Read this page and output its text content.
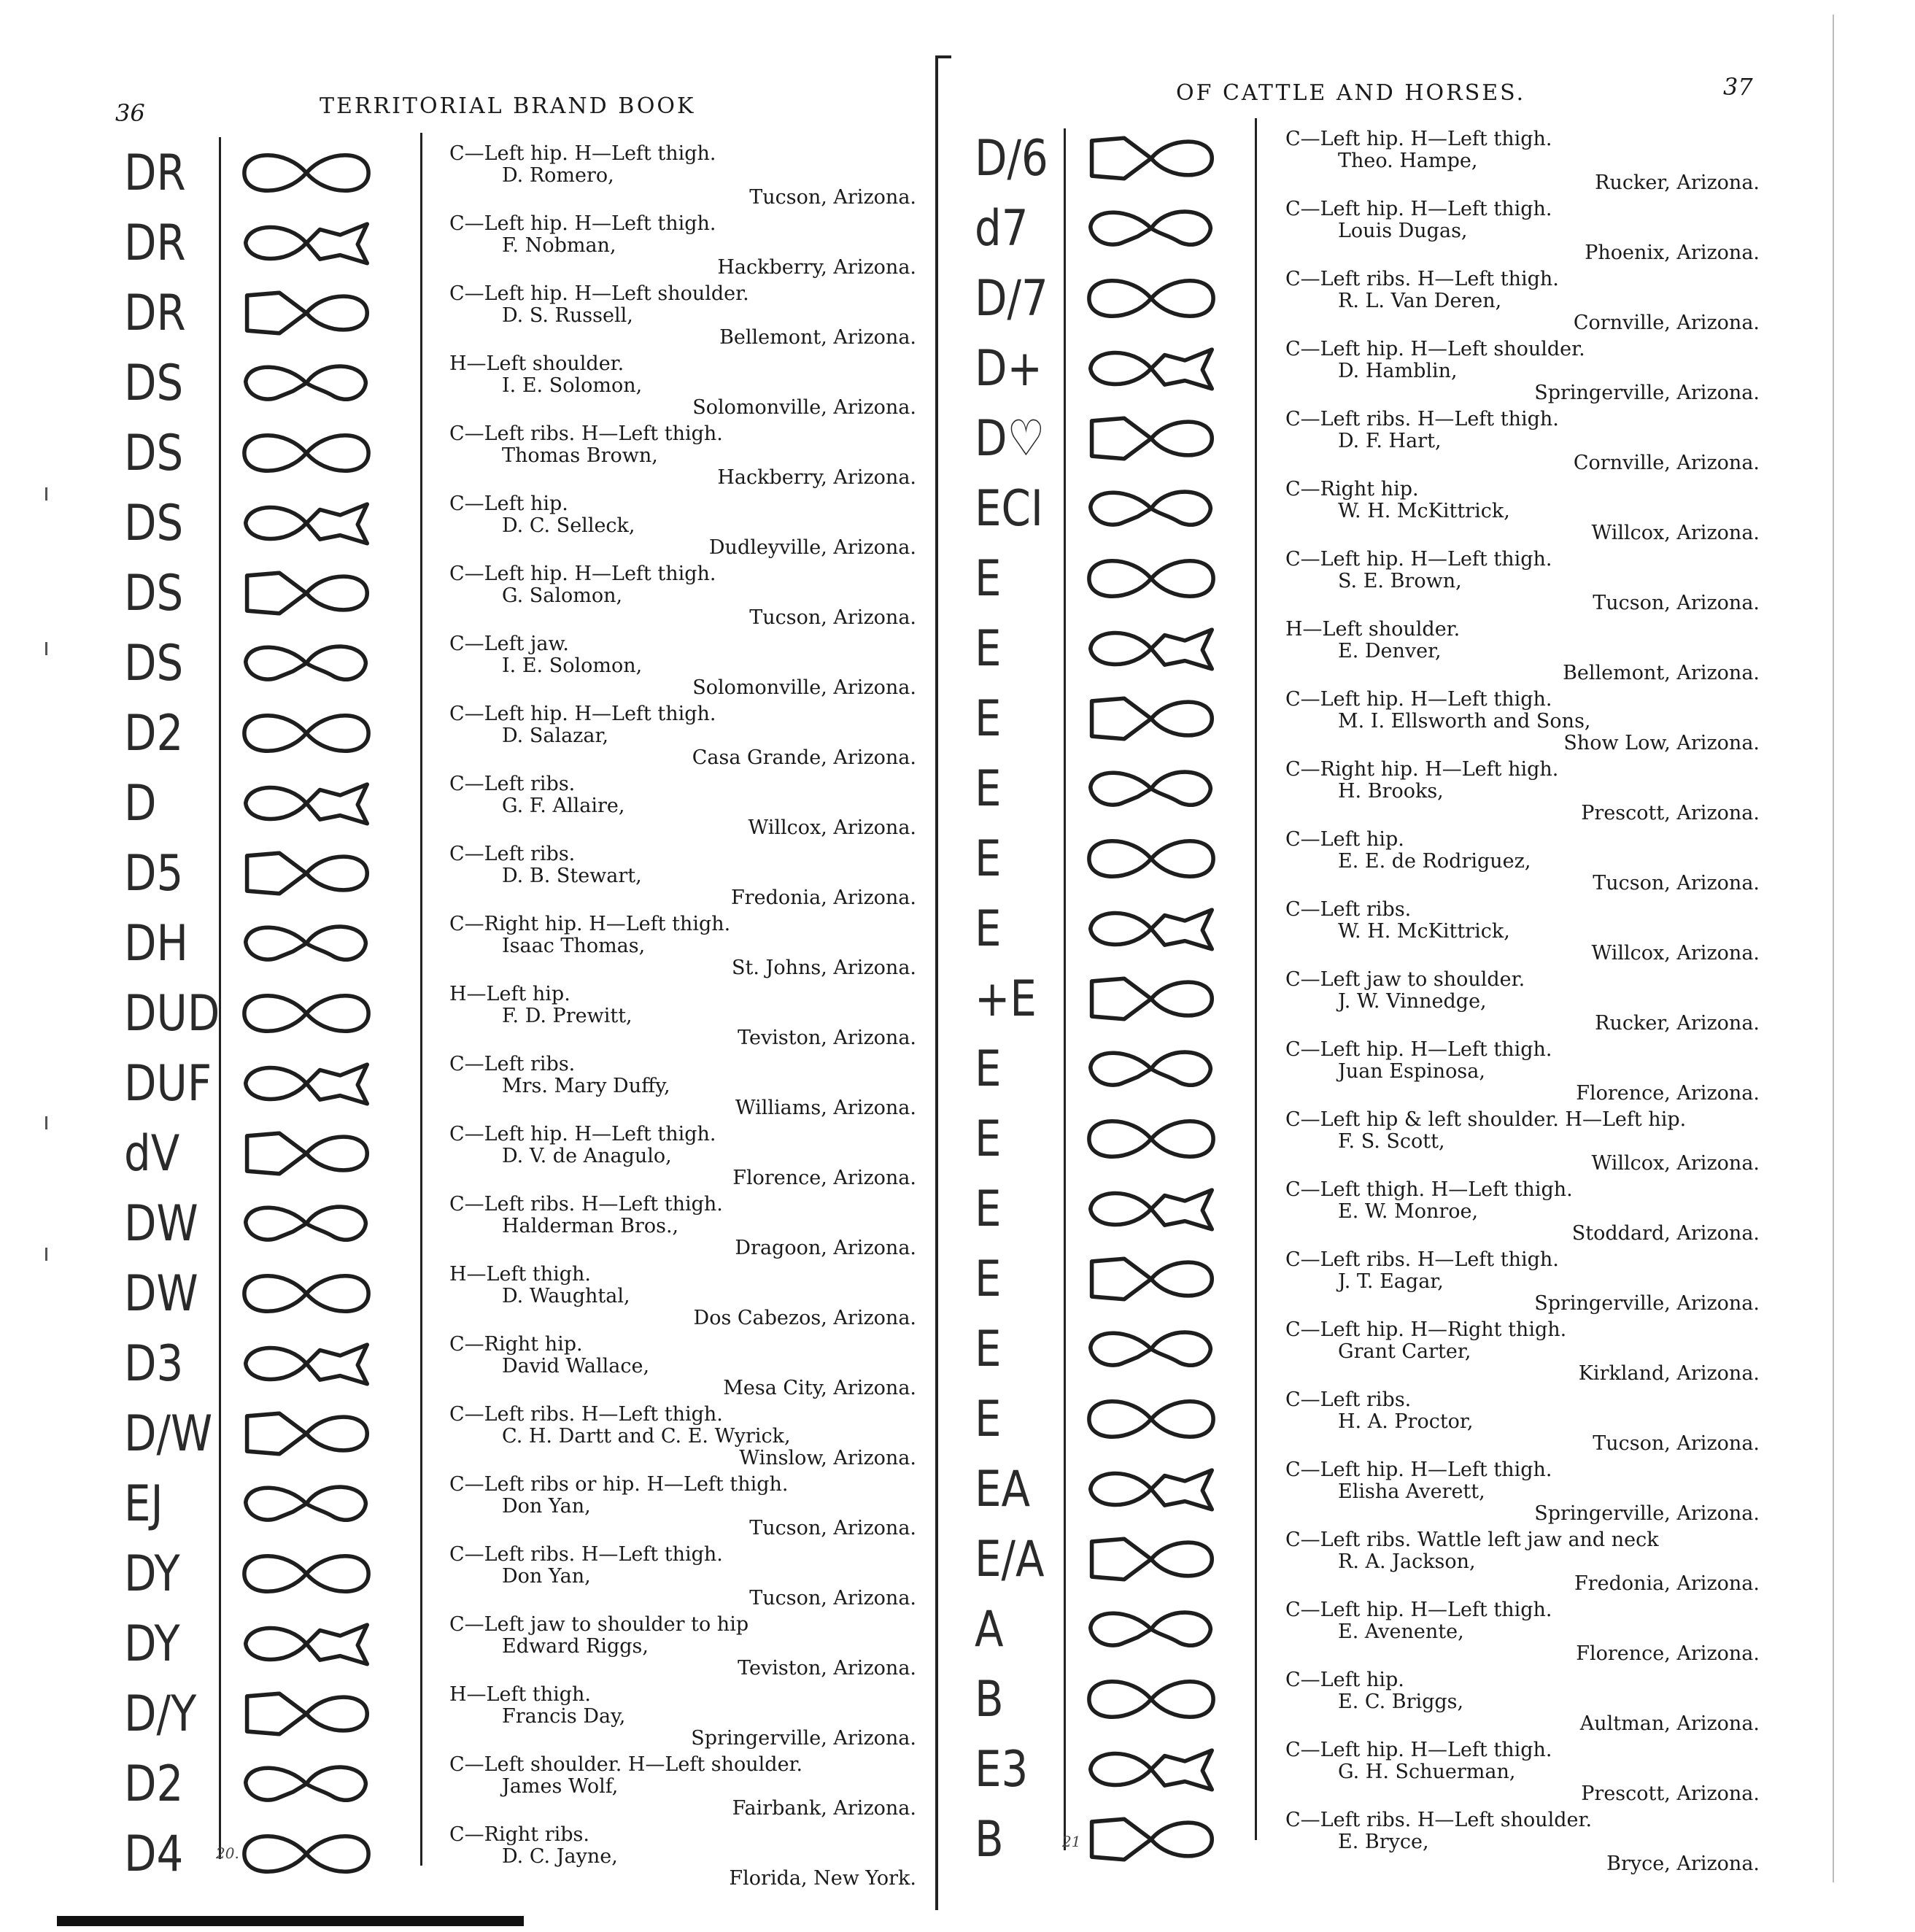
36	TERRITORIAL BRAND BOOK
OF CATTLE AND HORSES.	37
DR	C—Left hip. H—Left thigh.
D. Romero,
Tucson, Arizona.
DR	C—Left hip. H—Left thigh.
F. Nobman,
Hackberry, Arizona.
DR	C—Left hip. H—Left shoulder.
D. S. Russell,
Bellemont, Arizona.
DS	H—Left shoulder.
I. E. Solomon,
Solomonville, Arizona.
DS	C—Left ribs. H—Left thigh.
Thomas Brown,
Hackberry, Arizona.
DS	C—Left hip.
D. C. Selleck,
Dudleyville, Arizona.
DS	C—Left hip. H—Left thigh.
G. Salomon,
Tucson, Arizona.
DS	C—Left jaw.
I. E. Solomon,
Solomonville, Arizona.
D2	C—Left hip. H—Left thigh.
D. Salazar,
Casa Grande, Arizona.
D	C—Left ribs.
G. F. Allaire,
Willcox, Arizona.
D5	C—Left ribs.
D. B. Stewart,
Fredonia, Arizona.
DH	C—Right hip. H—Left thigh.
Isaac Thomas,
St. Johns, Arizona.
DUD	H—Left hip.
F. D. Prewitt,
Teviston, Arizona.
DUF	C—Left ribs.
Mrs. Mary Duffy,
Williams, Arizona.
dV	C—Left hip. H—Left thigh.
D. V. de Anagulo,
Florence, Arizona.
DW	C—Left ribs. H—Left thigh.
Halderman Bros.,
Dragoon, Arizona.
DW	H—Left thigh.
D. Waughtal,
Dos Cabezos, Arizona.
D3	C—Right hip.
David Wallace,
Mesa City, Arizona.
D/W	C—Left ribs. H—Left thigh.
C. H. Dartt and C. E. Wyrick,
Winslow, Arizona.
EJ	C—Left ribs or hip. H—Left thigh.
Don Yan,
Tucson, Arizona.
DY	C—Left ribs. H—Left thigh.
Don Yan,
Tucson, Arizona.
DY	C—Left jaw to shoulder to hip
Edward Riggs,
Teviston, Arizona.
D/Y	H—Left thigh.
Francis Day,
Springerville, Arizona.
D2	C—Left shoulder. H—Left shoulder.
James Wolf,
Fairbank, Arizona.
D4	C—Right ribs.
D. C. Jayne,
Florida, New York.
D/6	C—Left hip. H—Left thigh.
Theo. Hampe,
Rucker, Arizona.
d7	C—Left hip. H—Left thigh.
Louis Dugas,
Phoenix, Arizona.
D/7	C—Left ribs. H—Left thigh.
R. L. Van Deren,
Cornville, Arizona.
D+	C—Left hip. H—Left shoulder.
D. Hamblin,
Springerville, Arizona.
D♡	C—Left ribs. H—Left thigh.
D. F. Hart,
Cornville, Arizona.
ECI	C—Right hip.
W. H. McKittrick,
Willcox, Arizona.
E	C—Left hip. H—Left thigh.
S. E. Brown,
Tucson, Arizona.
E	H—Left shoulder.
E. Denver,
Bellemont, Arizona.
E	C—Left hip. H—Left thigh.
M. I. Ellsworth and Sons,
Show Low, Arizona.
E	C—Right hip. H—Left high.
H. Brooks,
Prescott, Arizona.
E	C—Left hip.
E. E. de Rodriguez,
Tucson, Arizona.
E	C—Left ribs.
W. H. McKittrick,
Willcox, Arizona.
+E	C—Left jaw to shoulder.
J. W. Vinnedge,
Rucker, Arizona.
E	C—Left hip. H—Left thigh.
Juan Espinosa,
Florence, Arizona.
E	C—Left hip & left shoulder. H—Left hip.
F. S. Scott,
Willcox, Arizona.
E	C—Left thigh. H—Left thigh.
E. W. Monroe,
Stoddard, Arizona.
E	C—Left ribs. H—Left thigh.
J. T. Eagar,
Springerville, Arizona.
E	C—Left hip. H—Right thigh.
Grant Carter,
Kirkland, Arizona.
E	C—Left ribs.
H. A. Proctor,
Tucson, Arizona.
EA	C—Left hip. H—Left thigh.
Elisha Averett,
Springerville, Arizona.
E/A	C—Left ribs. Wattle left jaw and neck
R. A. Jackson,
Fredonia, Arizona.
A	C—Left hip. H—Left thigh.
E. Avenente,
Florence, Arizona.
B	C—Left hip.
E. C. Briggs,
Aultman, Arizona.
E3	C—Left hip. H—Left thigh.
G. H. Schuerman,
Prescott, Arizona.
B	C—Left ribs. H—Left shoulder.
E. Bryce,
Bryce, Arizona.
20.
21
